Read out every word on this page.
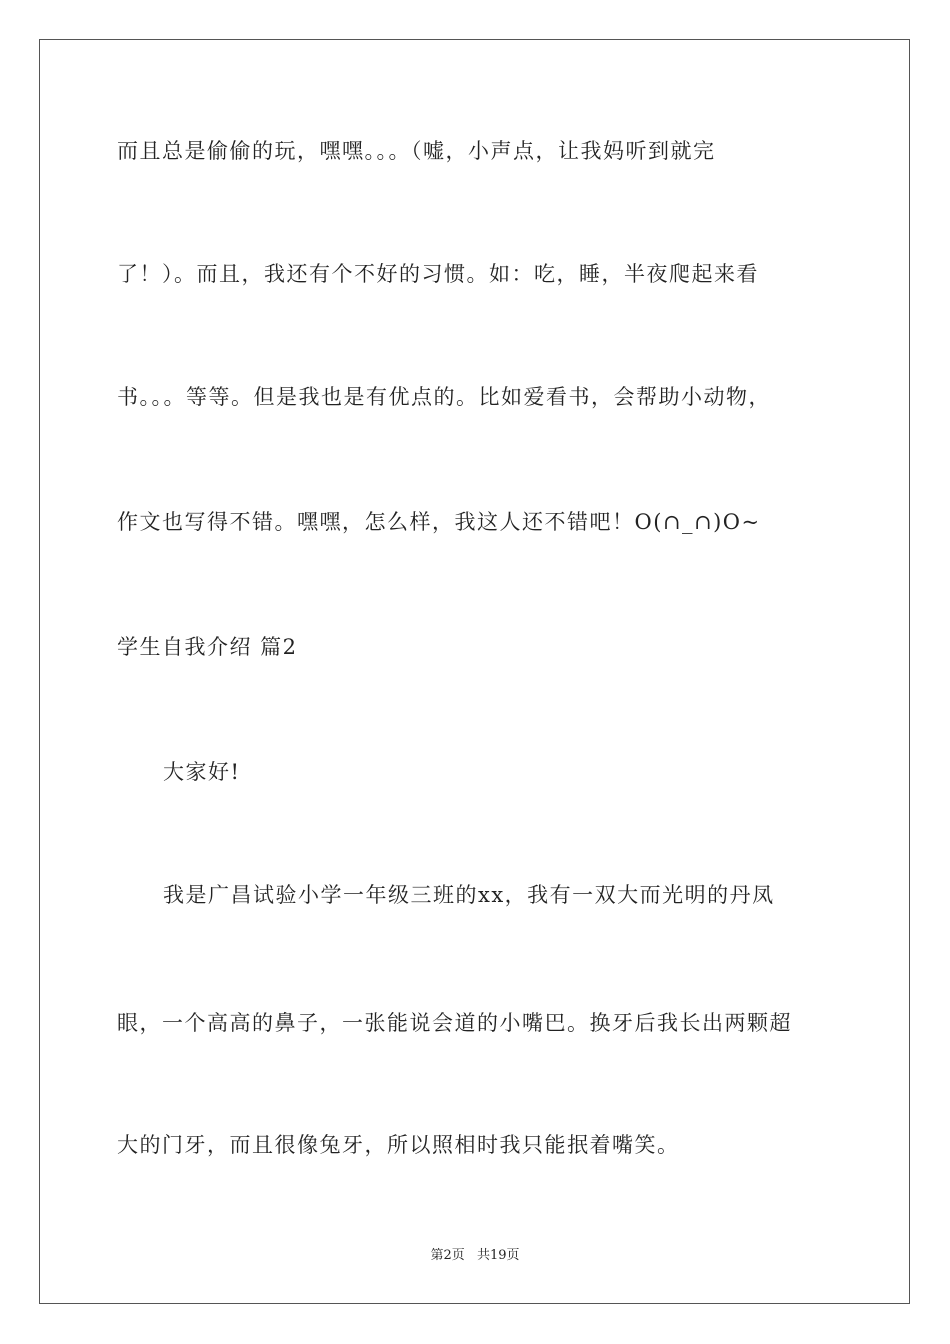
而且总是偷偷的玩，嘿嘿。。。（嘘，小声点，让我妈听到就完
了！）。而且，我还有个不好的习惯。如：吃，睡，半夜爬起来看
书。。。等等。但是我也是有优点的。比如爱看书，会帮助小动物，
作文也写得不错。嘿嘿，怎么样，我这人还不错吧！O(∩_∩)O~
学生自我介绍 篇2
大家好!
我是广昌试验小学一年级三班的xx，我有一双大而光明的丹凤
眼，一个高高的鼻子，一张能说会道的小嘴巴。换牙后我长出两颗超
大的门牙，而且很像兔牙，所以照相时我只能抿着嘴笑。
第2页 共19页
